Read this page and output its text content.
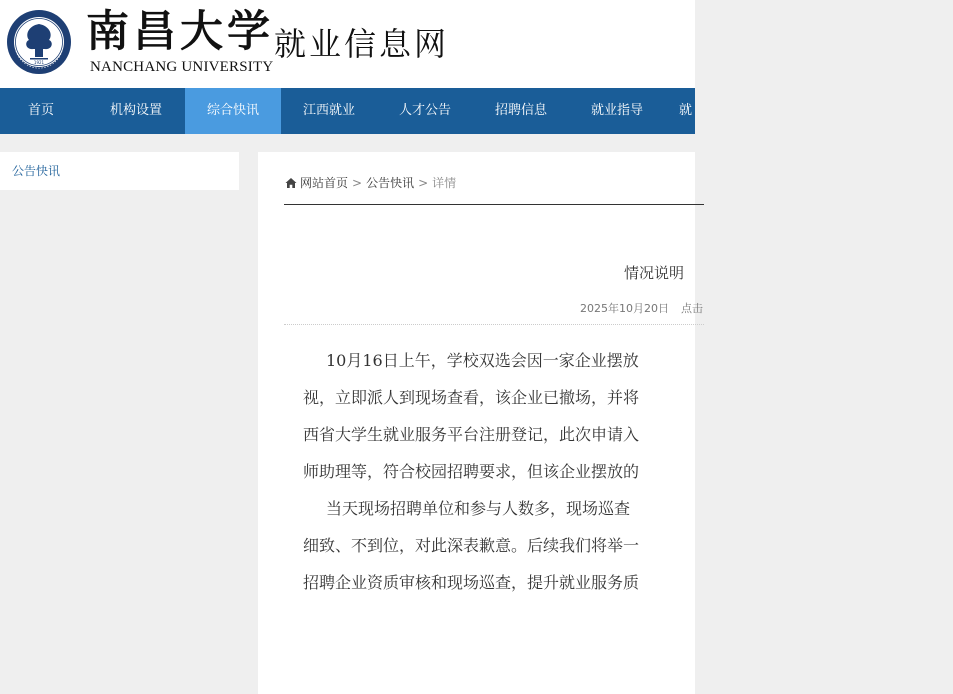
1921
南昌大学
NANCHANG UNIVERSITY
就业信息网
首页	机构设置	综合快讯	江西就业	人才公告	招聘信息	就业指导	就
公告快讯
网站首页 > 公告快讯 > 详情
情况说明
2025年10月20日 点击
10月16日上午，学校双选会因一家企业摆放
视，立即派人到现场查看，该企业已撤场，并将
西省大学生就业服务平台注册登记，此次申请入
师助理等，符合校园招聘要求，但该企业摆放的
当天现场招聘单位和参与人数多，现场巡查
细致、不到位，对此深表歉意。后续我们将举一
招聘企业资质审核和现场巡查，提升就业服务质
